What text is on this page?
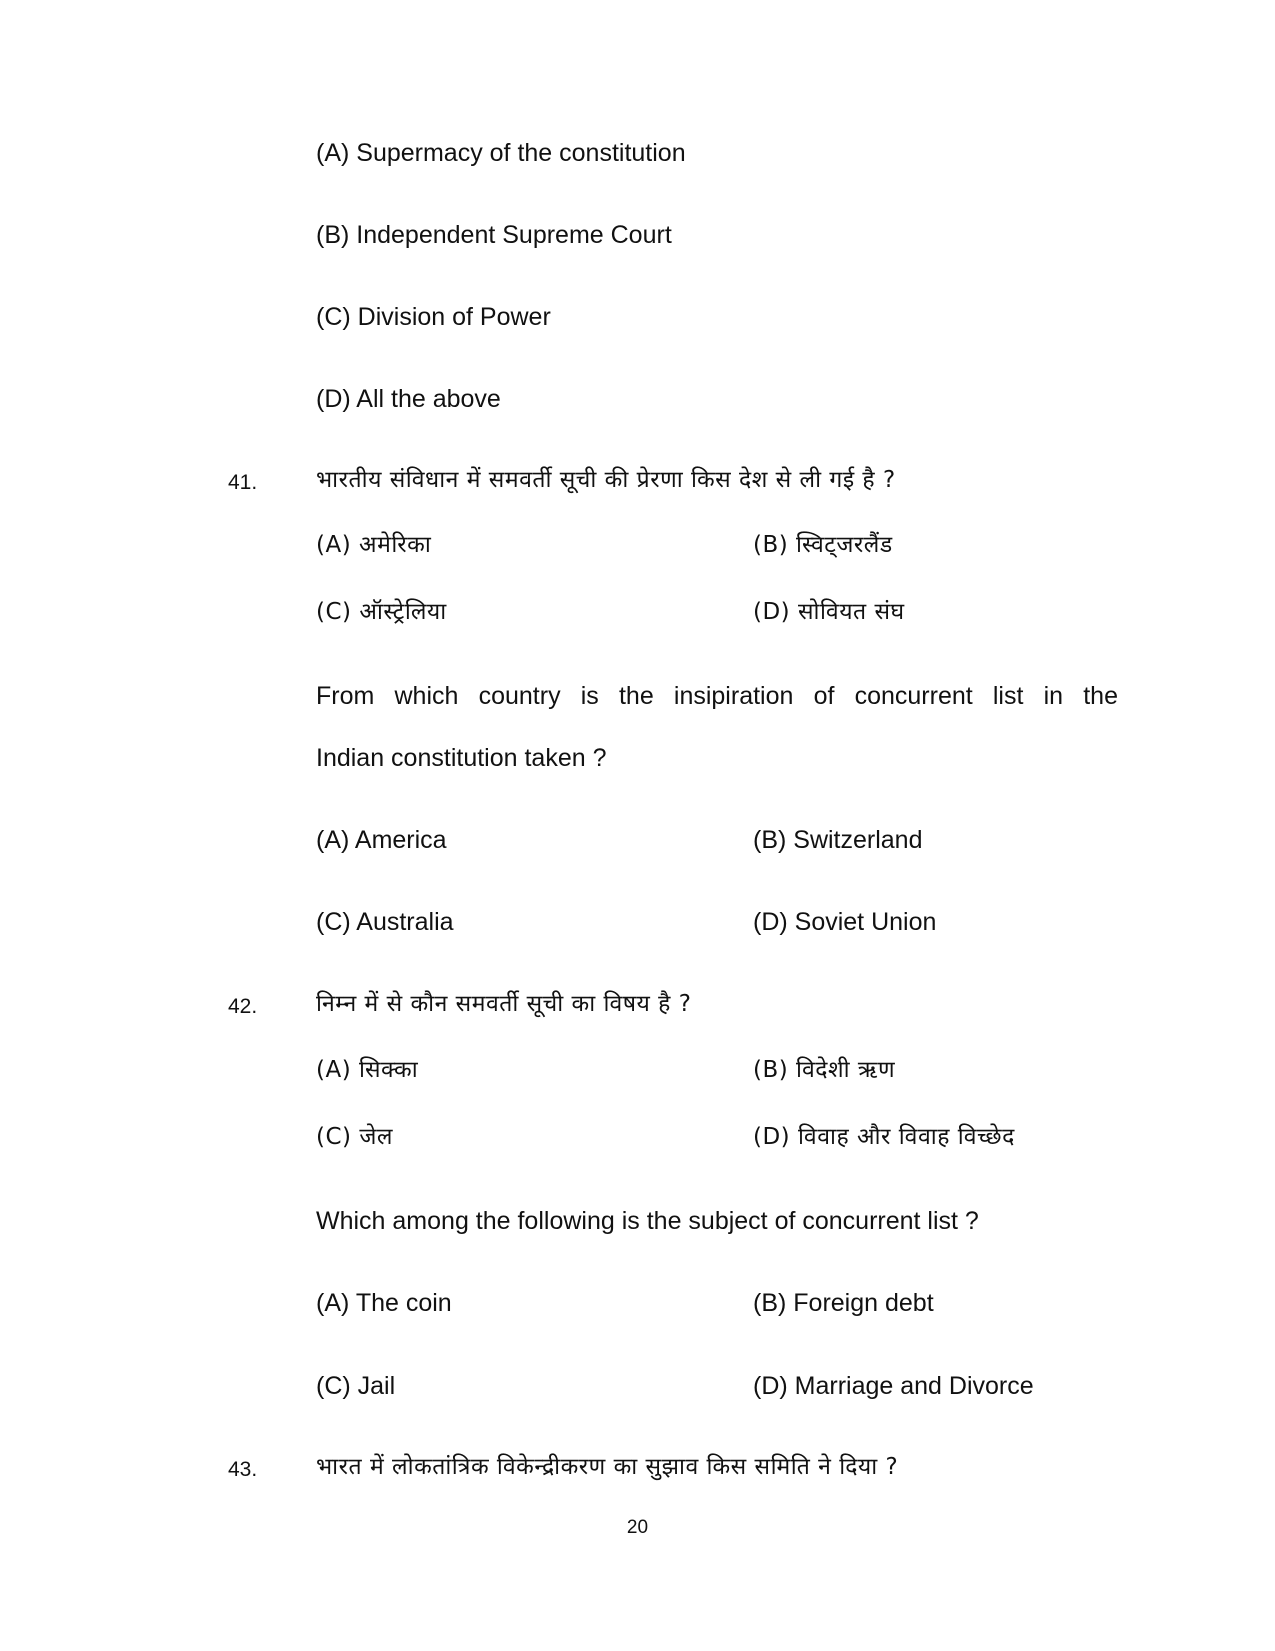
(A) Supermacy of the constitution
(B) Independent Supreme Court
(C) Division of Power
(D) All the above
41.	भारतीय संविधान में समवर्ती सूची की प्रेरणा किस देश से ली गई है ?
(A) अमेरिका	(B) स्विट्जरलैंड
(C) ऑस्ट्रेलिया	(D) सोवियत संघ
From which country is the insipiration of concurrent list in the
Indian constitution taken ?
(A) America	(B) Switzerland
(C) Australia	(D) Soviet Union
42.	निम्न में से कौन समवर्ती सूची का विषय है ?
(A) सिक्का	(B) विदेशी ऋण
(C) जेल	(D) विवाह और विवाह विच्छेद
Which among the following is the subject of concurrent list ?
(A) The coin	(B) Foreign debt
(C) Jail	(D) Marriage and Divorce
43.	भारत में लोकतांत्रिक विकेन्द्रीकरण का सुझाव किस समिति ने दिया ?
20
